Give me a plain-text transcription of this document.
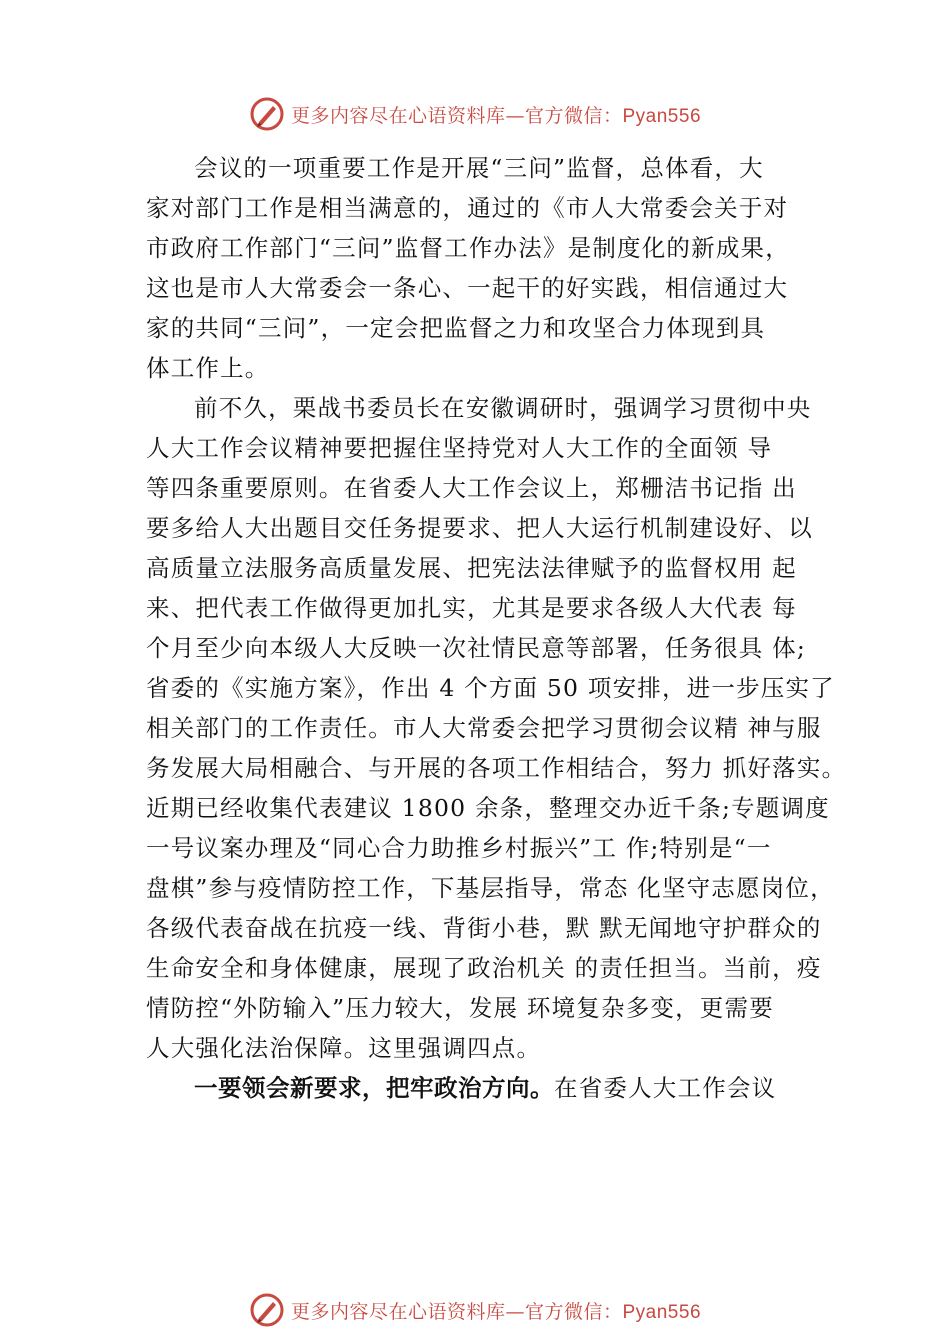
更多内容尽在心语资料库—官方微信：Pyan556
会议的一项重要工作是开展“三问”监督，总体看，大
家对部门工作是相当满意的，通过的《市人大常委会关于对
市政府工作部门“三问”监督工作办法》是制度化的新成果，
这也是市人大常委会一条心、一起干的好实践，相信通过大
家的共同“三问”，一定会把监督之力和攻坚合力体现到具
体工作上。
前不久，栗战书委员长在安徽调研时，强调学习贯彻中央
人大工作会议精神要把握住坚持党对人大工作的全面领 导
等四条重要原则。在省委人大工作会议上，郑栅洁书记指 出
要多给人大出题目交任务提要求、把人大运行机制建设好、以
高质量立法服务高质量发展、把宪法法律赋予的监督权用 起
来、把代表工作做得更加扎实，尤其是要求各级人大代表 每
个月至少向本级人大反映一次社情民意等部署，任务很具 体;
省委的《实施方案》，作出 4 个方面 50 项安排，进一步压实了
相关部门的工作责任。市人大常委会把学习贯彻会议精 神与服
务发展大局相融合、与开展的各项工作相结合，努力 抓好落实。
近期已经收集代表建议 1800 余条，整理交办近千条;专题调度
一号议案办理及“同心合力助推乡村振兴”工 作;特别是“一
盘棋”参与疫情防控工作，下基层指导，常态 化坚守志愿岗位，
各级代表奋战在抗疫一线、背街小巷，默 默无闻地守护群众的
生命安全和身体健康，展现了政治机关 的责任担当。当前，疫
情防控“外防输入”压力较大，发展 环境复杂多变，更需要
人大强化法治保障。这里强调四点。
一要领会新要求，把牢政治方向。在省委人大工作会议
更多内容尽在心语资料库—官方微信：Pyan556
